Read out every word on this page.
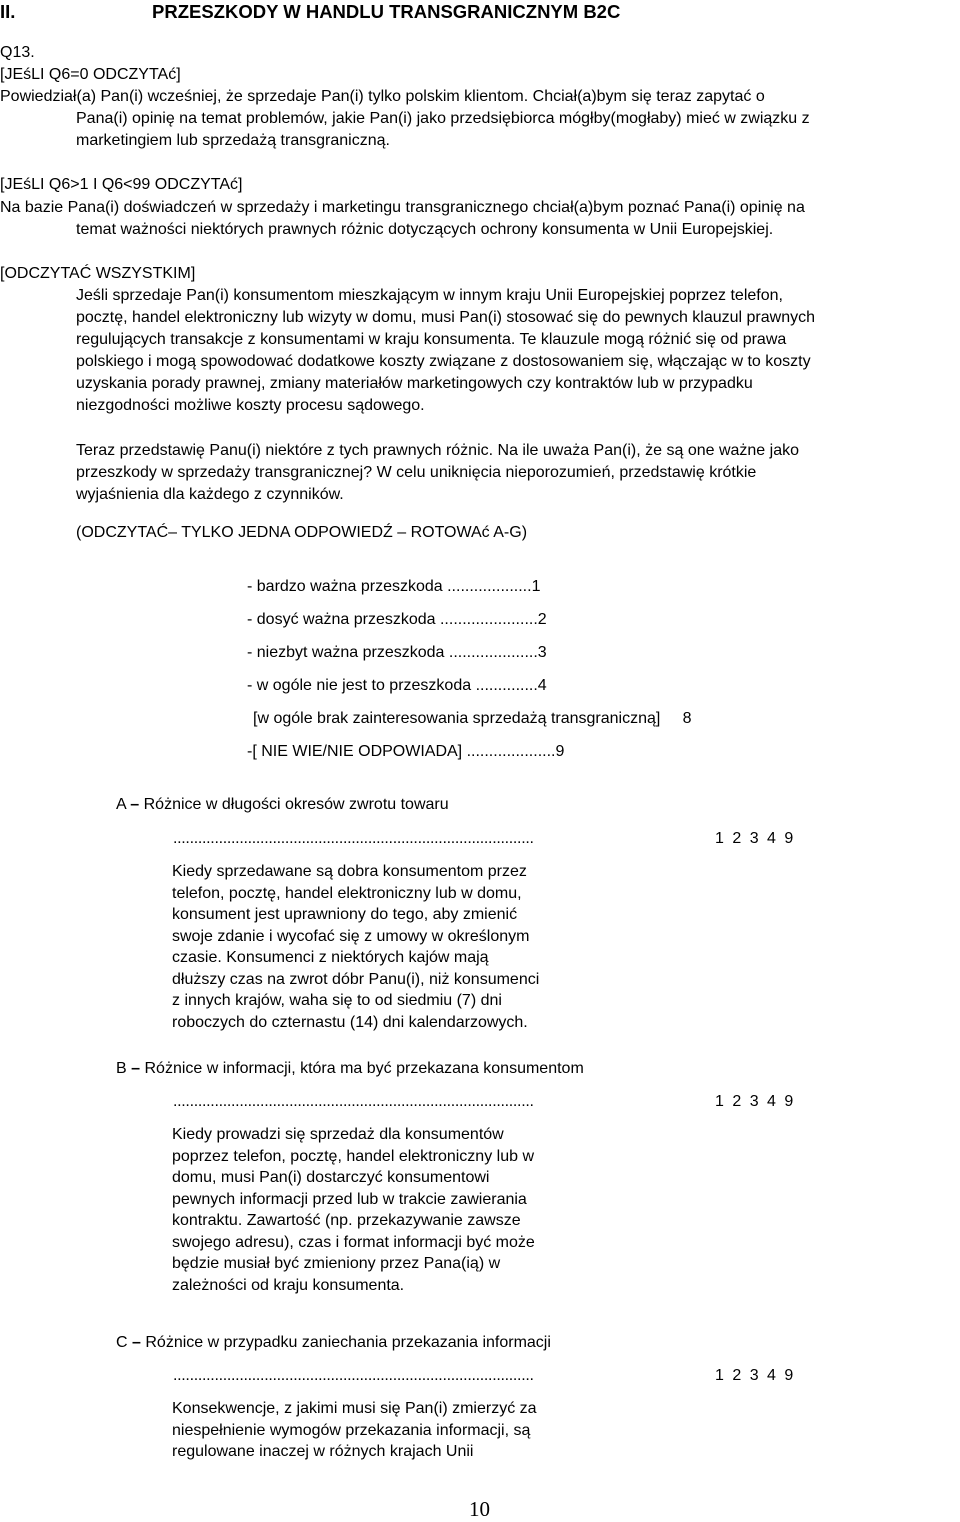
II.	PRZESZKODY W HANDLU TRANSGRANICZNYM B2C
Q13.
[JEśLI Q6=0 ODCZYTAć]
Powiedział(a) Pan(i) wcześniej, że sprzedaje Pan(i) tylko polskim klientom. Chciał(a)bym się teraz zapytać o
Pana(i) opinię na temat problemów, jakie Pan(i) jako przedsiębiorca mógłby(mogłaby) mieć w związku z
marketingiem lub sprzedażą transgraniczną.
[JEśLI Q6>1 I Q6<99 ODCZYTAć]
Na bazie Pana(i) doświadczeń w sprzedaży i marketingu transgranicznego chciał(a)bym poznać Pana(i) opinię na
temat ważności niektórych prawnych różnic dotyczących ochrony konsumenta w Unii Europejskiej.
[ODCZYTAĆ WSZYSTKIM]
Jeśli sprzedaje Pan(i) konsumentom mieszkającym w innym kraju Unii Europejskiej poprzez telefon,
pocztę, handel elektroniczny lub wizyty w domu, musi Pan(i) stosować się do pewnych klauzul prawnych
regulujących transakcje z konsumentami w kraju konsumenta. Te klauzule mogą różnić się od prawa
polskiego i mogą spowodować dodatkowe koszty związane z dostosowaniem się, włączając w to koszty
uzyskania porady prawnej, zmiany materiałów marketingowych czy kontraktów lub w przypadku
niezgodności możliwe koszty procesu sądowego.
Teraz przedstawię Panu(i) niektóre z tych prawnych różnic. Na ile uważa Pan(i), że są one ważne jako
przeszkody w sprzedaży transgranicznej? W celu uniknięcia nieporozumień, przedstawię krótkie
wyjaśnienia dla każdego z czynników.
(ODCZYTAĆ– TYLKO JEDNA ODPOWIEDŹ – ROTOWAć A-G)
- bardzo ważna przeszkoda ...................1
- dosyć ważna przeszkoda ......................2
- niezbyt ważna przeszkoda ....................3
- w ogóle nie jest to przeszkoda ..............4
[w ogóle brak zainteresowania sprzedażą transgraniczną]     8
-[ NIE WIE/NIE ODPOWIADA] ....................9
A – Różnice w długości okresów zwrotu towaru
.......................................................................................	1 2 3 4 9
Kiedy sprzedawane są dobra konsumentom przez
telefon, pocztę, handel elektroniczny lub w domu,
konsument jest uprawniony do tego, aby zmienić
swoje zdanie i wycofać się z umowy w określonym
czasie. Konsumenci z niektórych kajów mają
dłuższy czas na zwrot dóbr Panu(i), niż konsumenci
z innych krajów, waha się to od siedmiu (7) dni
roboczych do czternastu (14) dni kalendarzowych.
B – Różnice w informacji, która ma być przekazana konsumentom
.......................................................................................	1 2 3 4 9
Kiedy prowadzi się sprzedaż dla konsumentów
poprzez telefon, pocztę, handel elektroniczny lub w
domu, musi Pan(i) dostarczyć konsumentowi
pewnych informacji przed lub w trakcie zawierania
kontraktu. Zawartość (np. przekazywanie zawsze
swojego adresu), czas i format informacji być może
będzie musiał być zmieniony przez Pana(ią) w
zależności od kraju konsumenta.
C – Różnice w przypadku zaniechania przekazania informacji
.......................................................................................	1 2 3 4 9
Konsekwencje, z jakimi musi się Pan(i) zmierzyć za
niespełnienie wymogów przekazania informacji, są
regulowane inaczej w różnych krajach Unii
10
